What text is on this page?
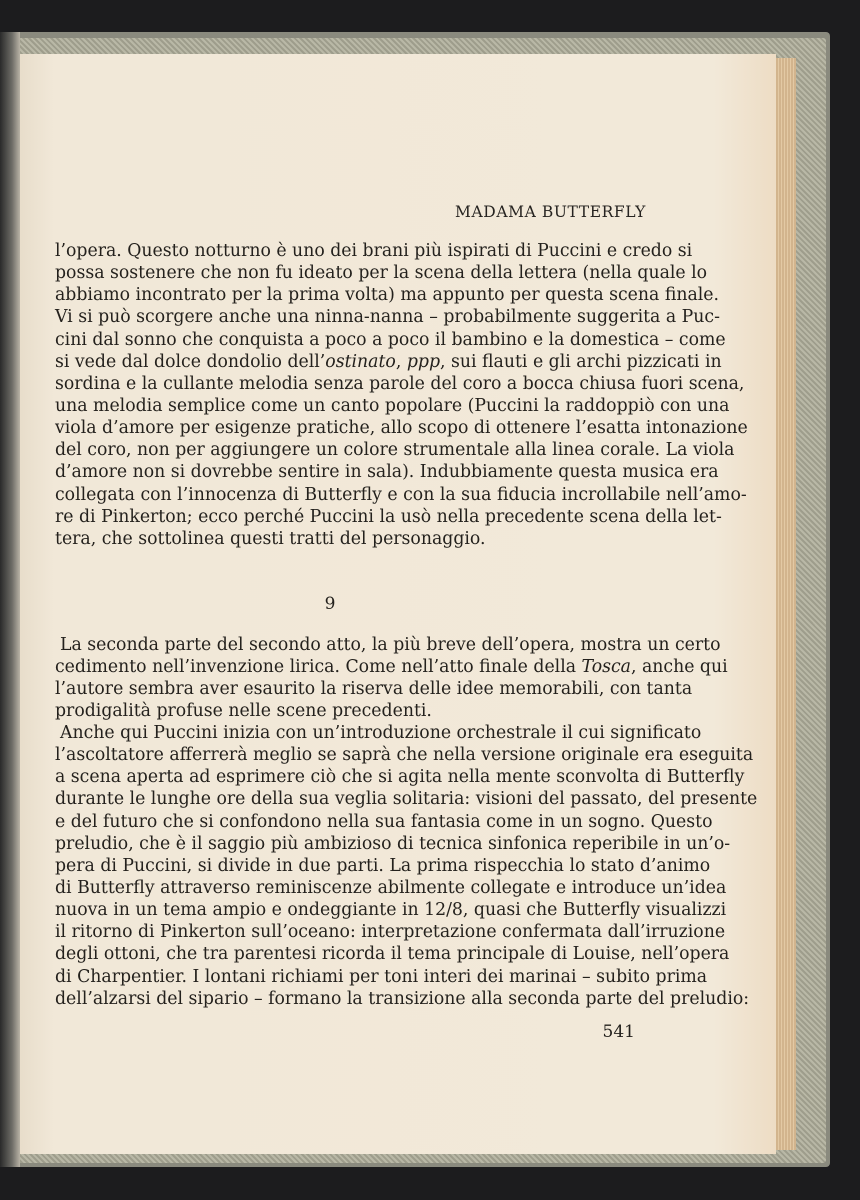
MADAMA BUTTERFLY
l’opera. Questo notturno è uno dei brani più ispirati di Puccini e credo si
possa sostenere che non fu ideato per la scena della lettera (nella quale lo
abbiamo incontrato per la prima volta) ma appunto per questa scena finale.
Vi si può scorgere anche una ninna-nanna – probabilmente suggerita a Puc-
cini dal sonno che conquista a poco a poco il bambino e la domestica – come
si vede dal dolce dondolio dell’ostinato, ppp, sui flauti e gli archi pizzicati in
sordina e la cullante melodia senza parole del coro a bocca chiusa fuori scena,
una melodia semplice come un canto popolare (Puccini la raddoppiò con una
viola d’amore per esigenze pratiche, allo scopo di ottenere l’esatta intonazione
del coro, non per aggiungere un colore strumentale alla linea corale. La viola
d’amore non si dovrebbe sentire in sala). Indubbiamente questa musica era
collegata con l’innocenza di Butterfly e con la sua fiducia incrollabile nell’amo-
re di Pinkerton; ecco perché Puccini la usò nella precedente scena della let-
tera, che sottolinea questi tratti del personaggio.
9
La seconda parte del secondo atto, la più breve dell’opera, mostra un certo
cedimento nell’invenzione lirica. Come nell’atto finale della Tosca
l’autore sembra aver esaurito la riserva delle idee memorabili, con tanta
prodigalità profuse nelle scene precedenti.
Anche qui Puccini inizia con un’introduzione orchestrale il cui significato
l’ascoltatore afferrerà meglio se saprà che nella versione originale era eseguita
a scena aperta ad esprimere ciò che si agita nella mente sconvolta di Butterfly
durante le lunghe ore della sua veglia solitaria: visioni del passato, del presente
e del futuro che si confondono nella sua fantasia come in un sogno. Questo
preludio, che è il saggio più ambizioso di tecnica sinfonica reperibile in un’o-
pera di Puccini, si divide in due parti. La prima rispecchia lo stato d’animo
di Butterfly attraverso reminiscenze abilmente collegate e introduce un’idea
nuova in un tema ampio e ondeggiante in 12/8, quasi che Butterfly visualizzi
il ritorno di Pinkerton sull’oceano: interpretazione confermata dall’irruzione
degli ottoni, che tra parentesi ricorda il tema principale di Louise, nell’opera
di Charpentier. I lontani richiami per toni interi dei marinai – subito prima
dell’alzarsi del sipario – formano la transizione alla seconda parte del preludio:
541
